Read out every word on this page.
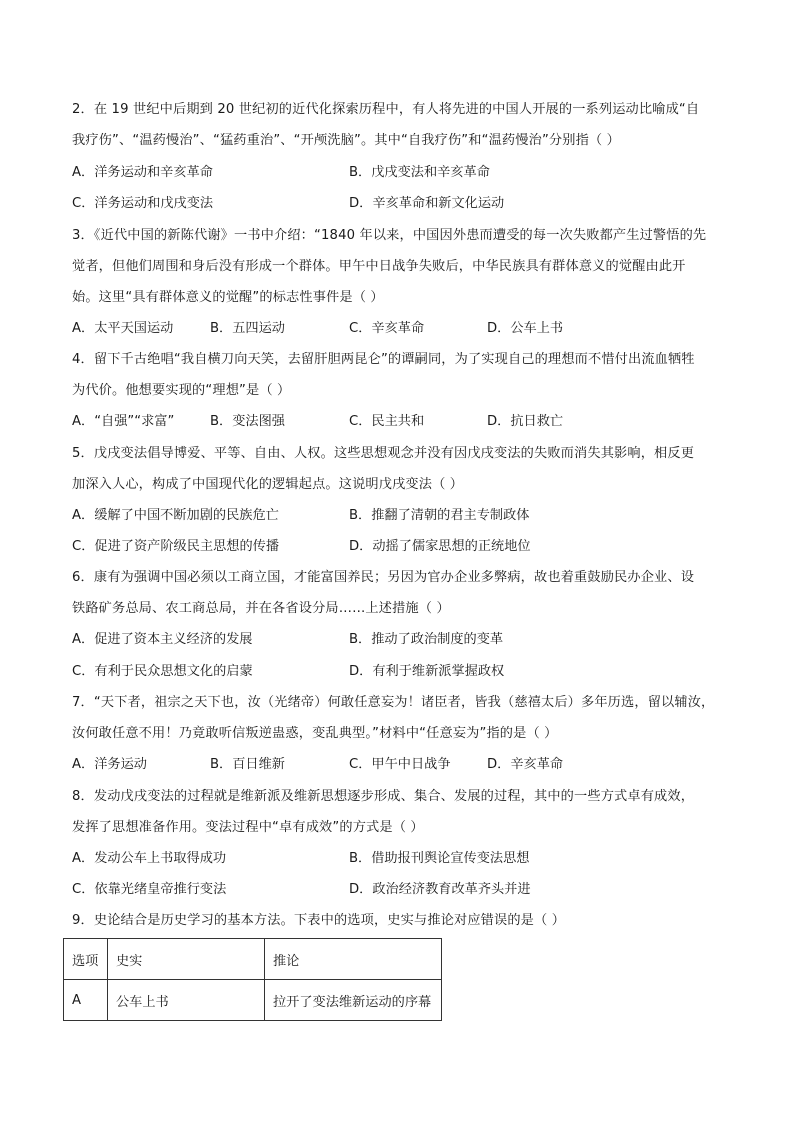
2．在 19 世纪中后期到 20 世纪初的近代化探索历程中，有人将先进的中国人开展的一系列运动比喻成“自
我疗伤”、“温药慢治”、“猛药重治”、“开颅洗脑”。其中“自我疗伤”和“温药慢治”分别指（ ）
A．洋务运动和辛亥革命	B．戊戌变法和辛亥革命
C．洋务运动和戊戌变法	D．辛亥革命和新文化运动
3．《近代中国的新陈代谢》一书中介绍：“1840 年以来，中国因外患而遭受的每一次失败都产生过警悟的先
觉者，但他们周围和身后没有形成一个群体。甲午中日战争失败后，中华民族具有群体意义的觉醒由此开
始。这里“具有群体意义的觉醒”的标志性事件是（ ）
A．太平天国运动	B．五四运动	C．辛亥革命	D．公车上书
4．留下千古绝唱“我自横刀向天笑，去留肝胆两昆仑”的谭嗣同，为了实现自己的理想而不惜付出流血牺牲
为代价。他想要实现的“理想”是（ ）
A．“自强”“求富”	B．变法图强	C．民主共和	D．抗日救亡
5．戊戌变法倡导博爱、平等、自由、人权。这些思想观念并没有因戊戌变法的失败而消失其影响，相反更
加深入人心，构成了中国现代化的逻辑起点。这说明戊戌变法（ ）
A．缓解了中国不断加剧的民族危亡	B．推翻了清朝的君主专制政体
C．促进了资产阶级民主思想的传播	D．动摇了儒家思想的正统地位
6．康有为强调中国必须以工商立国，才能富国养民；另因为官办企业多弊病，故也着重鼓励民办企业、设
铁路矿务总局、农工商总局，并在各省设分局……上述措施（ ）
A．促进了资本主义经济的发展	B．推动了政治制度的变革
C．有利于民众思想文化的启蒙	D．有利于维新派掌握政权
7．“天下者，祖宗之天下也，汝（光绪帝）何敢任意妄为！诸臣者，皆我（慈禧太后）多年历选，留以辅汝，
汝何敢任意不用！乃竟敢听信叛逆蛊惑，变乱典型。”材料中“任意妄为”指的是（ ）
A．洋务运动	B．百日维新	C．甲午中日战争	D．辛亥革命
8．发动戊戌变法的过程就是维新派及维新思想逐步形成、集合、发展的过程，其中的一些方式卓有成效，
发挥了思想准备作用。变法过程中“卓有成效”的方式是（ ）
A．发动公车上书取得成功	B．借助报刊舆论宣传变法思想
C．依靠光绪皇帝推行变法	D．政治经济教育改革齐头并进
9．史论结合是历史学习的基本方法。下表中的选项，史实与推论对应错误的是（ ）
选项	史实	推论
A	公车上书	拉开了变法维新运动的序幕
